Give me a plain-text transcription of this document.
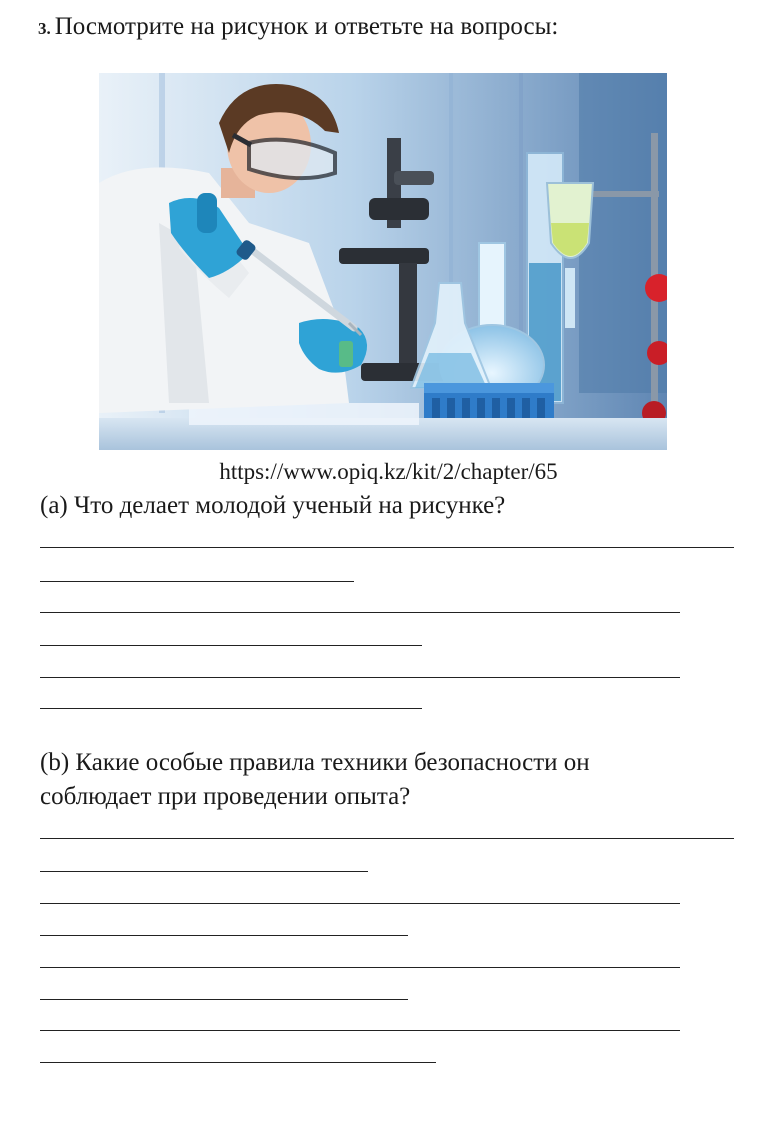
3. Посмотрите на рисунок и ответьте на вопросы:
https://www.opiq.kz/kit/2/chapter/65
(a) Что делает молодой ученый на рисунке?
(b) Какие особые правила техники безопасности он
соблюдает при проведении опыта?
